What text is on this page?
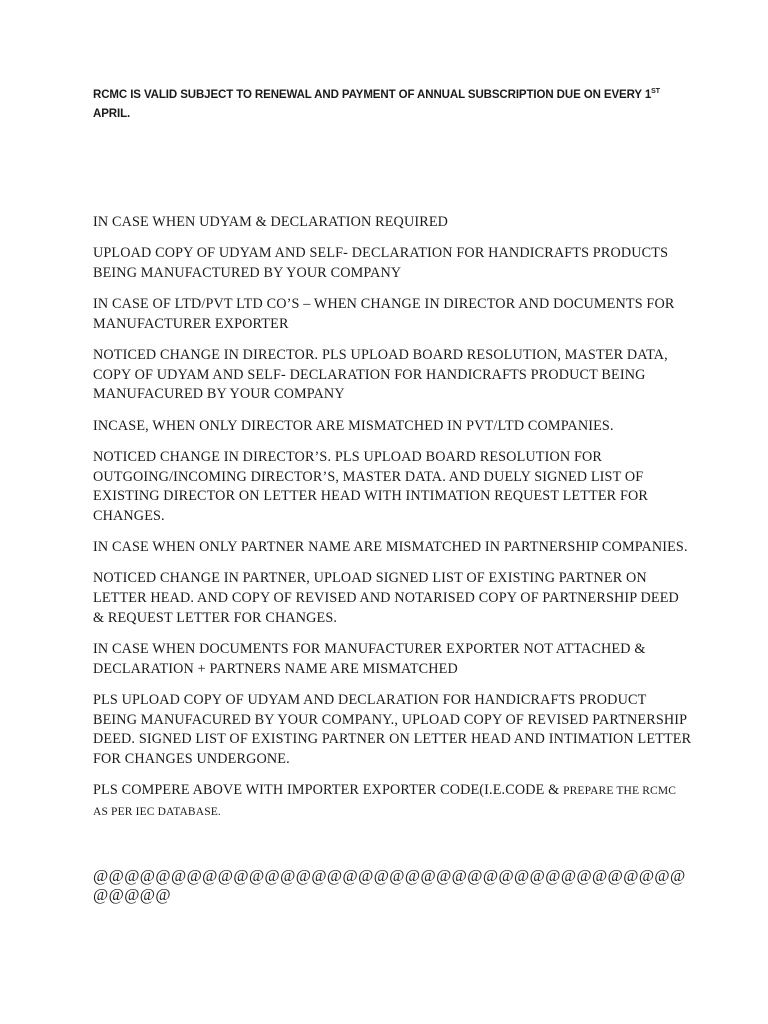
RCMC IS VALID SUBJECT TO RENEWAL AND PAYMENT OF ANNUAL SUBSCRIPTION DUE ON EVERY 1ST
APRIL.

IN CASE WHEN UDYAM & DECLARATION REQUIRED

UPLOAD COPY OF UDYAM AND SELF- DECLARATION FOR HANDICRAFTS PRODUCTS BEING MANUFACTURED BY YOUR COMPANY

IN CASE OF LTD/PVT LTD CO’S – WHEN CHANGE IN DIRECTOR AND DOCUMENTS FOR MANUFACTURER EXPORTER

NOTICED CHANGE IN DIRECTOR. PLS UPLOAD BOARD RESOLUTION, MASTER DATA, COPY OF UDYAM AND SELF- DECLARATION FOR HANDICRAFTS PRODUCT BEING MANUFACURED BY YOUR COMPANY

INCASE, WHEN ONLY DIRECTOR ARE MISMATCHED IN PVT/LTD COMPANIES.

NOTICED CHANGE IN DIRECTOR’S. PLS UPLOAD BOARD RESOLUTION FOR OUTGOING/INCOMING DIRECTOR’S, MASTER DATA. AND DUELY SIGNED LIST OF EXISTING DIRECTOR ON LETTER HEAD WITH INTIMATION REQUEST LETTER FOR CHANGES.

IN CASE WHEN ONLY PARTNER NAME ARE MISMATCHED IN PARTNERSHIP COMPANIES.

NOTICED CHANGE IN PARTNER, UPLOAD SIGNED LIST OF EXISTING PARTNER ON LETTER HEAD. AND COPY OF REVISED AND NOTARISED COPY OF PARTNERSHIP DEED & REQUEST LETTER FOR CHANGES.

IN CASE WHEN DOCUMENTS FOR MANUFACTURER EXPORTER NOT ATTACHED & DECLARATION + PARTNERS NAME ARE MISMATCHED

PLS UPLOAD COPY OF UDYAM AND DECLARATION FOR HANDICRAFTS PRODUCT BEING MANUFACURED BY YOUR COMPANY., UPLOAD COPY OF REVISED PARTNERSHIP DEED. SIGNED LIST OF EXISTING PARTNER ON LETTER HEAD AND INTIMATION LETTER FOR CHANGES UNDERGONE.

PLS COMPERE ABOVE WITH IMPORTER EXPORTER CODE(I.E.CODE & PREPARE THE RCMC AS PER IEC DATABASE.

@@@@@@@@@@@@@@@@@@@@@@@@@@@@@@@@@@@@@@@@@@@
